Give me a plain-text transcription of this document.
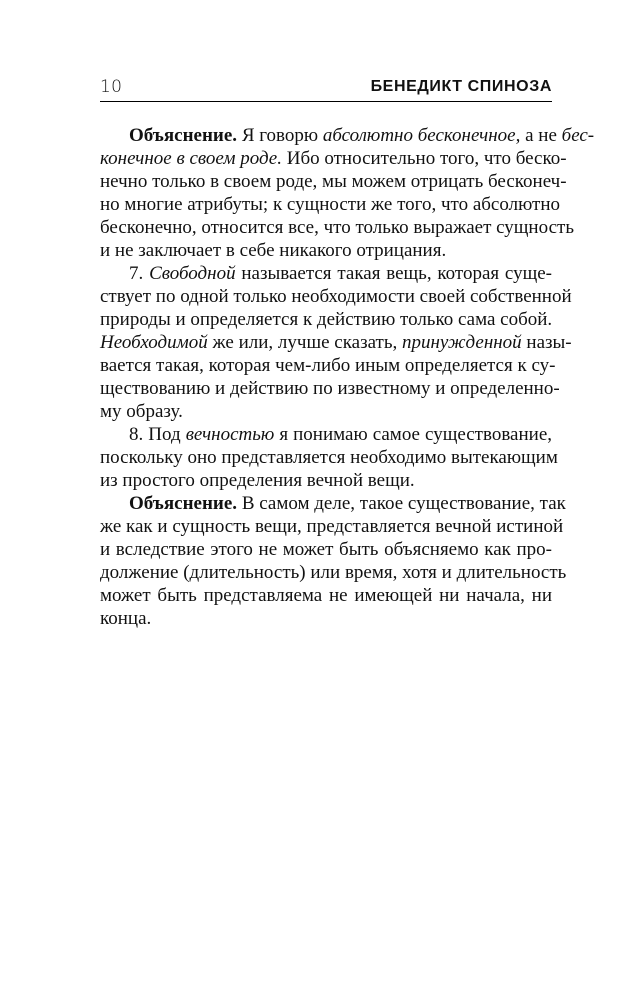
10	БЕНЕДИКТ СПИНОЗА

Объяснение. Я говорю абсолютно бесконечное, а не бес-
конечное в своем роде. Ибо относительно того, что беско-
нечно только в своем роде, мы можем отрицать бесконеч-
но многие атрибуты; к сущности же того, что абсолютно
бесконечно, относится все, что только выражает сущность
и не заключает в себе никакого отрицания.

7. Свободной называется такая вещь, которая суще-
ствует по одной только необходимости своей собственной
природы и определяется к действию только сама собой.
Необходимой же или, лучше сказать, принужденной назы-
вается такая, которая чем-либо иным определяется к су-
ществованию и действию по известному и определенно-
му образу.

8. Под вечностью я понимаю самое существование,
поскольку оно представляется необходимо вытекающим
из простого определения вечной вещи.

Объяснение. В самом деле, такое существование, так
же как и сущность вещи, представляется вечной истиной
и вследствие этого не может быть объясняемо как про-
должение (длительность) или время, хотя и длительность
может быть представляема не имеющей ни начала, ни
конца.
